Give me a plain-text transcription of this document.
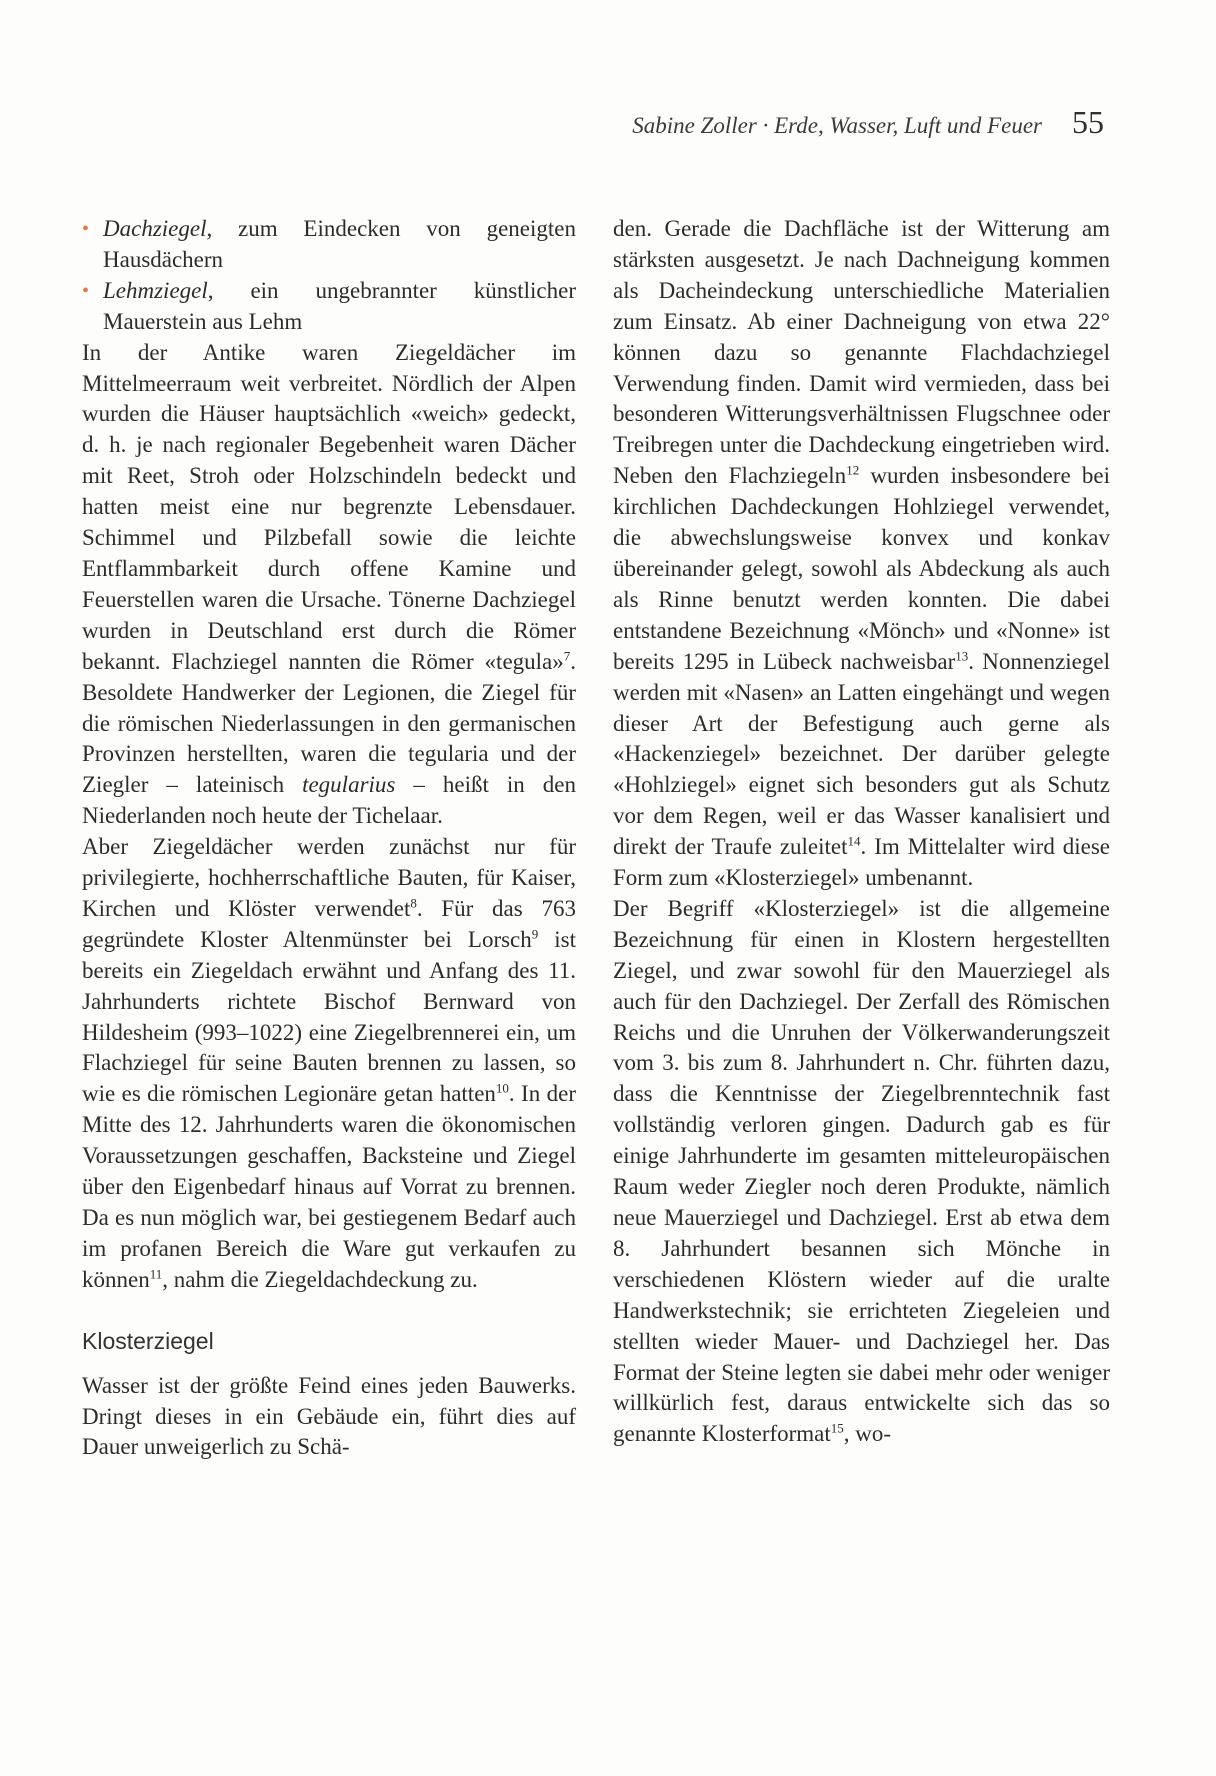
Sabine Zoller · Erde, Wasser, Luft und Feuer 55
• Dachziegel, zum Eindecken von geneigten Hausdächern
• Lehmziegel, ein ungebrannter künstlicher Mauerstein aus Lehm

In der Antike waren Ziegeldächer im Mittelmeerraum weit verbreitet. Nördlich der Alpen wurden die Häuser hauptsächlich «weich» gedeckt, d. h. je nach regionaler Begebenheit waren Dächer mit Reet, Stroh oder Holzschindeln bedeckt und hatten meist eine nur begrenzte Lebensdauer. Schimmel und Pilzbefall sowie die leichte Entflammbarkeit durch offene Kamine und Feuerstellen waren die Ursache. Tönerne Dachziegel wurden in Deutschland erst durch die Römer bekannt. Flachziegel nannten die Römer «tegula»$^7$. Besoldete Handwerker der Legionen, die Ziegel für die römischen Niederlassungen in den germanischen Provinzen herstellten, waren die tegularia und der Ziegler – lateinisch tegularius – heißt in den Niederlanden noch heute der Tichelaar.

Aber Ziegeldächer werden zunächst nur für privilegierte, hochherrschaftliche Bauten, für Kaiser, Kirchen und Klöster verwendet$^8$. Für das 763 gegründete Kloster Altenmünster bei Lorsch$^9$ ist bereits ein Ziegeldach erwähnt und Anfang des 11. Jahrhunderts richtete Bischof Bernward von Hildesheim (993–1022) eine Ziegelbrennerei ein, um Flachziegel für seine Bauten brennen zu lassen, so wie es die römischen Legionäre getan hatten$^{10}$. In der Mitte des 12. Jahrhunderts waren die ökonomischen Voraussetzungen geschaffen, Backsteine und Ziegel über den Eigenbedarf hinaus auf Vorrat zu brennen. Da es nun möglich war, bei gestiegenem Bedarf auch im profanen Bereich die Ware gut verkaufen zu können$^{11}$, nahm die Ziegeldachdeckung zu.

Klosterziegel

Wasser ist der größte Feind eines jeden Bauwerks. Dringt dieses in ein Gebäude ein, führt dies auf Dauer unweigerlich zu Schä-

den. Gerade die Dachfläche ist der Witterung am stärksten ausgesetzt. Je nach Dachneigung kommen als Dacheindeckung unterschiedliche Materialien zum Einsatz. Ab einer Dachneigung von etwa 22° können dazu so genannte Flachdachziegel Verwendung finden. Damit wird vermieden, dass bei besonderen Witterungsverhältnissen Flugschnee oder Treibregen unter die Dachdeckung eingetrieben wird. Neben den Flachziegeln$^{12}$ wurden insbesondere bei kirchlichen Dachdeckungen Hohlziegel verwendet, die abwechslungsweise konvex und konkav übereinander gelegt, sowohl als Abdeckung als auch als Rinne benutzt werden konnten. Die dabei entstandene Bezeichnung «Mönch» und «Nonne» ist bereits 1295 in Lübeck nachweisbar$^{13}$. Nonnenziegel werden mit «Nasen» an Latten eingehängt und wegen dieser Art der Befestigung auch gerne als «Hackenziegel» bezeichnet. Der darüber gelegte «Hohlziegel» eignet sich besonders gut als Schutz vor dem Regen, weil er das Wasser kanalisiert und direkt der Traufe zuleitet$^{14}$. Im Mittelalter wird diese Form zum «Klosterziegel» umbenannt.

Der Begriff «Klosterziegel» ist die allgemeine Bezeichnung für einen in Klostern hergestellten Ziegel, und zwar sowohl für den Mauerziegel als auch für den Dachziegel. Der Zerfall des Römischen Reichs und die Unruhen der Völkerwanderungszeit vom 3. bis zum 8. Jahrhundert n. Chr. führten dazu, dass die Kenntnisse der Ziegelbrenntechnik fast vollständig verloren gingen. Dadurch gab es für einige Jahrhunderte im gesamten mitteleuropäischen Raum weder Ziegler noch deren Produkte, nämlich neue Mauerziegel und Dachziegel. Erst ab etwa dem 8. Jahrhundert besannen sich Mönche in verschiedenen Klöstern wieder auf die uralte Handwerkstechnik; sie errichteten Ziegeleien und stellten wieder Mauer- und Dachziegel her. Das Format der Steine legten sie dabei mehr oder weniger willkürlich fest, daraus entwickelte sich das so genannte Klosterformat$^{15}$, wo-
